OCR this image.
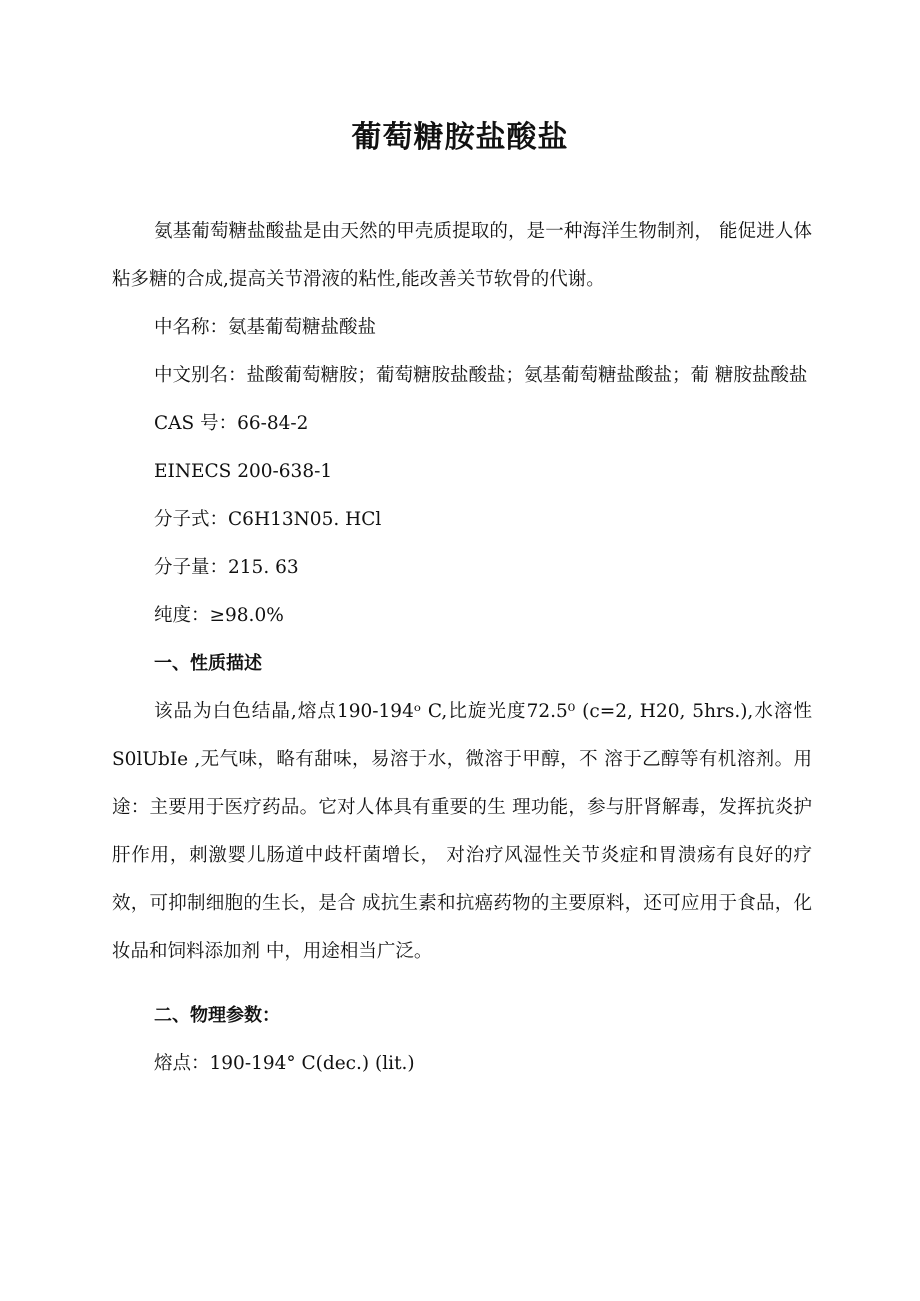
葡萄糖胺盐酸盐

氨基葡萄糖盐酸盐是由天然的甲壳质提取的，是一种海洋生物制剂， 能促进人体粘多糖的合成,提高关节滑液的粘性,能改善关节软骨的代谢。

中名称：氨基葡萄糖盐酸盐

中文别名：盐酸葡萄糖胺；葡萄糖胺盐酸盐；氨基葡萄糖盐酸盐；葡 糖胺盐酸盐

CAS 号：66-84-2

EINECS 200-638-1

分子式：C6H13N05. HCl

分子量：215. 63

纯度：≥98.0%

一、性质描述

该品为白色结晶,熔点190-194ᵒ C,比旋光度72.5⁰ (c=2, H20, 5hrs.),水溶性S0lUbIe ,无气味，略有甜味，易溶于水，微溶于甲醇，不 溶于乙醇等有机溶剂。用途：主要用于医疗药品。它对人体具有重要的生 理功能，参与肝肾解毒，发挥抗炎护肝作用，刺激婴儿肠道中歧杆菌增长， 对治疗风湿性关节炎症和胃溃疡有良好的疗效，可抑制细胞的生长，是合 成抗生素和抗癌药物的主要原料，还可应用于食品，化妆品和饲料添加剂 中，用途相当广泛。

二、物理参数：

熔点：190-194° C(dec.) (lit.)
